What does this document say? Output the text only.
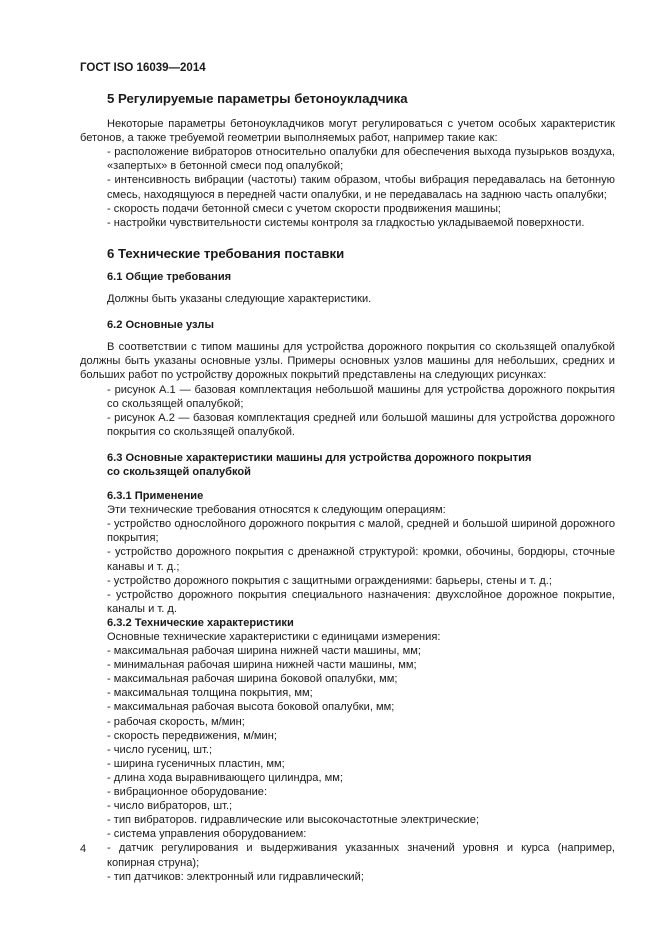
ГОСТ ISO 16039—2014
5 Регулируемые параметры бетоноукладчика

Некоторые параметры бетоноукладчиков могут регулироваться с учетом особых характеристик бетонов, а также требуемой геометрии выполняемых работ, например такие как:

- расположение вибраторов относительно опалубки для обеспечения выхода пузырьков воздуха, «запертых» в бетонной смеси под опалубкой;

- интенсивность вибрации (частоты) таким образом, чтобы вибрация передавалась на бетонную смесь, находящуюся в передней части опалубки, и не передавалась на заднюю часть опалубки;

- скорость подачи бетонной смеси с учетом скорости продвижения машины;

- настройки чувствительности системы контроля за гладкостью укладываемой поверхности.

6 Технические требования поставки
6.1 Общие требования

Должны быть указаны следующие характеристики.

6.2 Основные узлы

В соответствии с типом машины для устройства дорожного покрытия со скользящей опалубкой должны быть указаны основные узлы. Примеры основных узлов машины для небольших, средних и больших работ по устройству дорожных покрытий представлены на следующих рисунках:

- рисунок А.1 — базовая комплектация небольшой машины для устройства дорожного покрытия со скользящей опалубкой;

- рисунок А.2 — базовая комплектация средней или большой машины для устройства дорожного покрытия со скользящей опалубкой.

6.3 Основные характеристики машины для устройства дорожного покрытия
со скользящей опалубкой
6.3.1 Применение

Эти технические требования относятся к следующим операциям:

- устройство однослойного дорожного покрытия с малой, средней и большой шириной дорожного покрытия;

- устройство дорожного покрытия с дренажной структурой: кромки, обочины, бордюры, сточные канавы и т. д.;

- устройство дорожного покрытия с защитными ограждениями: барьеры, стены и т. д.;

- устройство дорожного покрытия специального назначения: двухслойное дорожное покрытие, каналы и т. д.

6.3.2 Технические характеристики

Основные технические характеристики с единицами измерения:

- максимальная рабочая ширина нижней части машины, мм;

- минимальная рабочая ширина нижней части машины, мм;

- максимальная рабочая ширина боковой опалубки, мм;

- максимальная толщина покрытия, мм;

- максимальная рабочая высота боковой опалубки, мм;

- рабочая скорость, м/мин;

- скорость передвижения, м/мин;

- число гусениц, шт.;

- ширина гусеничных пластин, мм;

- длина хода выравнивающего цилиндра, мм;

- вибрационное оборудование:

- число вибраторов, шт.;

- тип вибраторов. гидравлические или высокочастотные электрические;

- система управления оборудованием:

- датчик регулирования и выдерживания указанных значений уровня и курса (например, копирная струна);

- тип датчиков: электронный или гидравлический;

4
